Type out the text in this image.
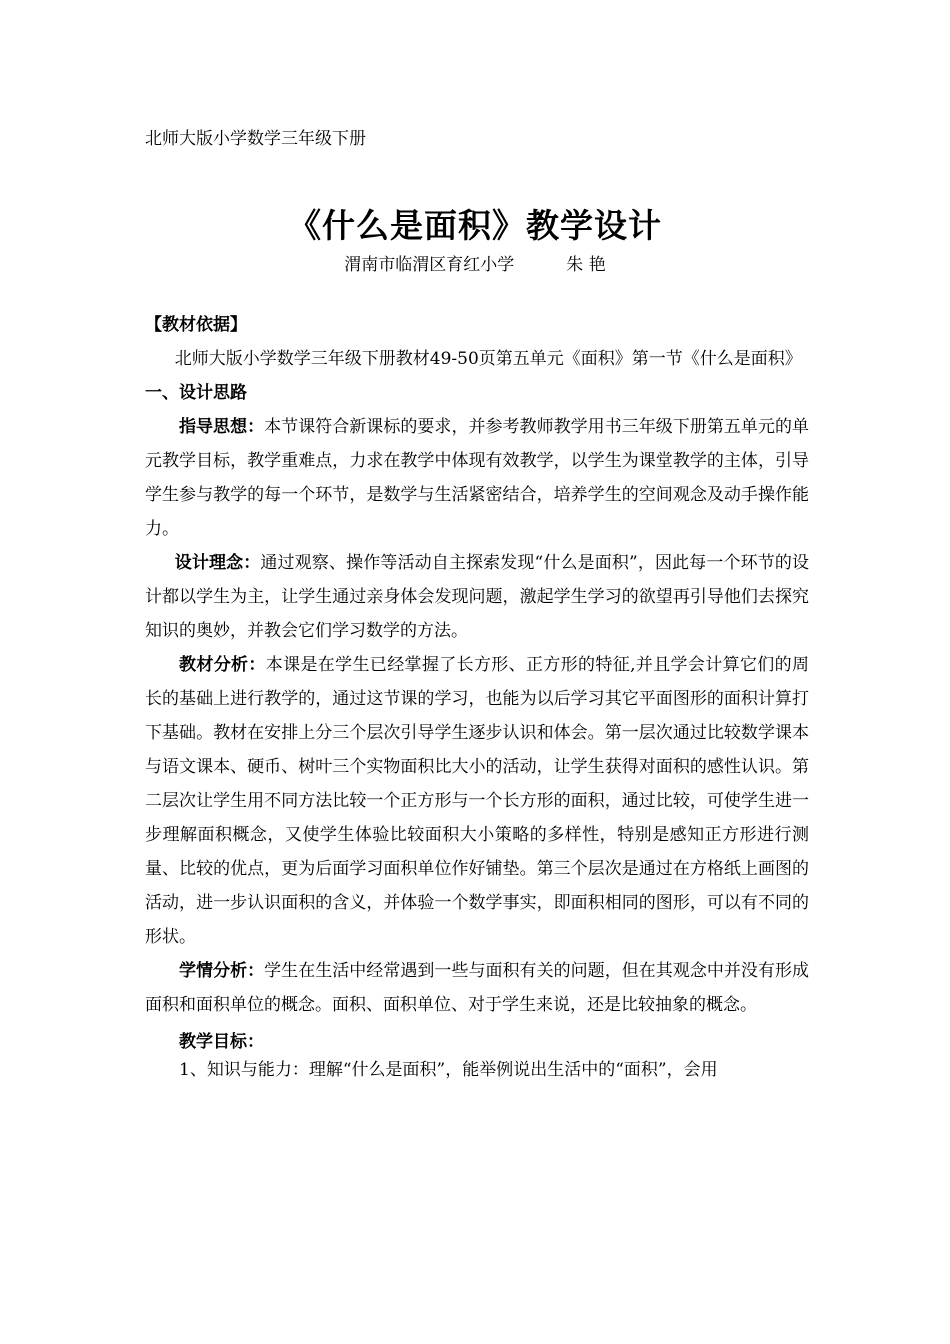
北师大版小学数学三年级下册
《什么是面积》教学设计
渭南市临渭区育红小学	朱 艳

【教材依据】

北师大版小学数学三年级下册教材49-50页第五单元《面积》第一节《什么是面积》

一、设计思路

指导思想：本节课符合新课标的要求，并参考教师教学用书三年级下册第五单元的单元教学目标，教学重难点，力求在教学中体现有效教学，以学生为课堂教学的主体，引导学生参与教学的每一个环节，是数学与生活紧密结合，培养学生的空间观念及动手操作能力。

设计理念：通过观察、操作等活动自主探索发现“什么是面积”，因此每一个环节的设计都以学生为主，让学生通过亲身体会发现问题，激起学生学习的欲望再引导他们去探究知识的奥妙，并教会它们学习数学的方法。

教材分析：本课是在学生已经掌握了长方形、正方形的特征,并且学会计算它们的周长的基础上进行教学的，通过这节课的学习，也能为以后学习其它平面图形的面积计算打下基础。教材在安排上分三个层次引导学生逐步认识和体会。第一层次通过比较数学课本与语文课本、硬币、树叶三个实物面积比大小的活动，让学生获得对面积的感性认识。第二层次让学生用不同方法比较一个正方形与一个长方形的面积，通过比较，可使学生进一步理解面积概念，又使学生体验比较面积大小策略的多样性，特别是感知正方形进行测量、比较的优点，更为后面学习面积单位作好铺垫。第三个层次是通过在方格纸上画图的活动，进一步认识面积的含义，并体验一个数学事实，即面积相同的图形，可以有不同的形状。

学情分析：学生在生活中经常遇到一些与面积有关的问题，但在其观念中并没有形成面积和面积单位的概念。面积、面积单位、对于学生来说，还是比较抽象的概念。

教学目标：

1、知识与能力：理解“什么是面积”，能举例说出生活中的“面积”，会用
